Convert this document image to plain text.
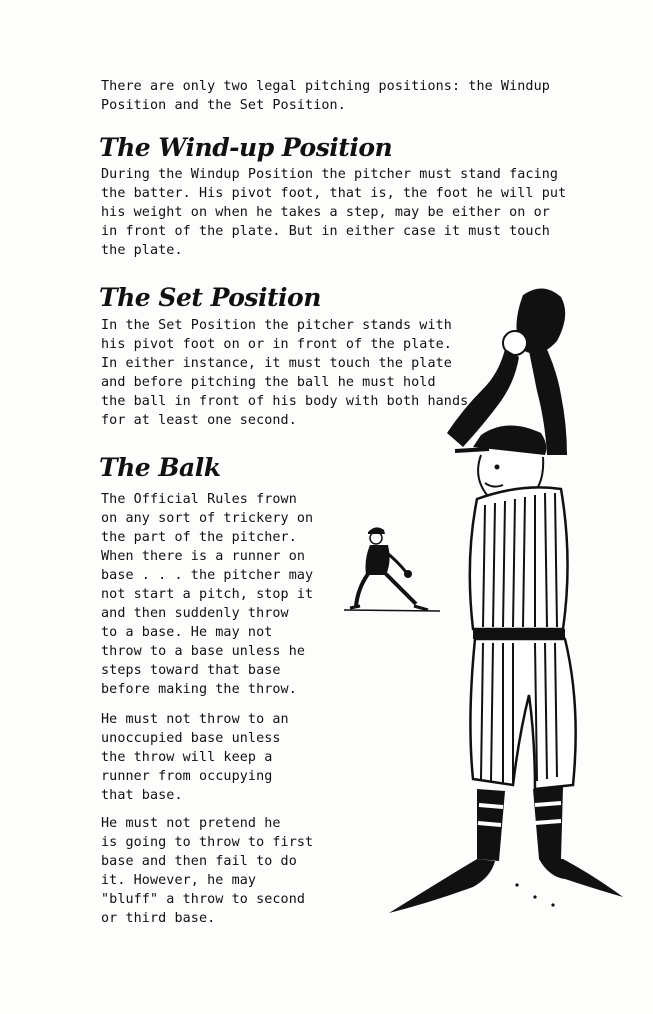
There are only two legal pitching positions: the Windup
Position and the Set Position.

The Wind-up Position

During the Windup Position the pitcher must stand facing
the batter. His pivot foot, that is, the foot he will put
his weight on when he takes a step, may be either on or
in front of the plate. But in either case it must touch
the plate.

The Set Position

In the Set Position the pitcher stands with
his pivot foot on or in front of the plate.
In either instance, it must touch the plate
and before pitching the ball he must hold
the ball in front of his body with both hands
for at least one second.

The Balk

The Official Rules frown
on any sort of trickery on
the part of the pitcher.
When there is a runner on
base . . . the pitcher may
not start a pitch, stop it
and then suddenly throw
to a base. He may not
throw to a base unless he
steps toward that base
before making the throw.

He must not throw to an
unoccupied base unless
the throw will keep a
runner from occupying
that base.

He must not pretend he
is going to throw to first
base and then fail to do
it. However, he may
"bluff" a throw to second
or third base.
